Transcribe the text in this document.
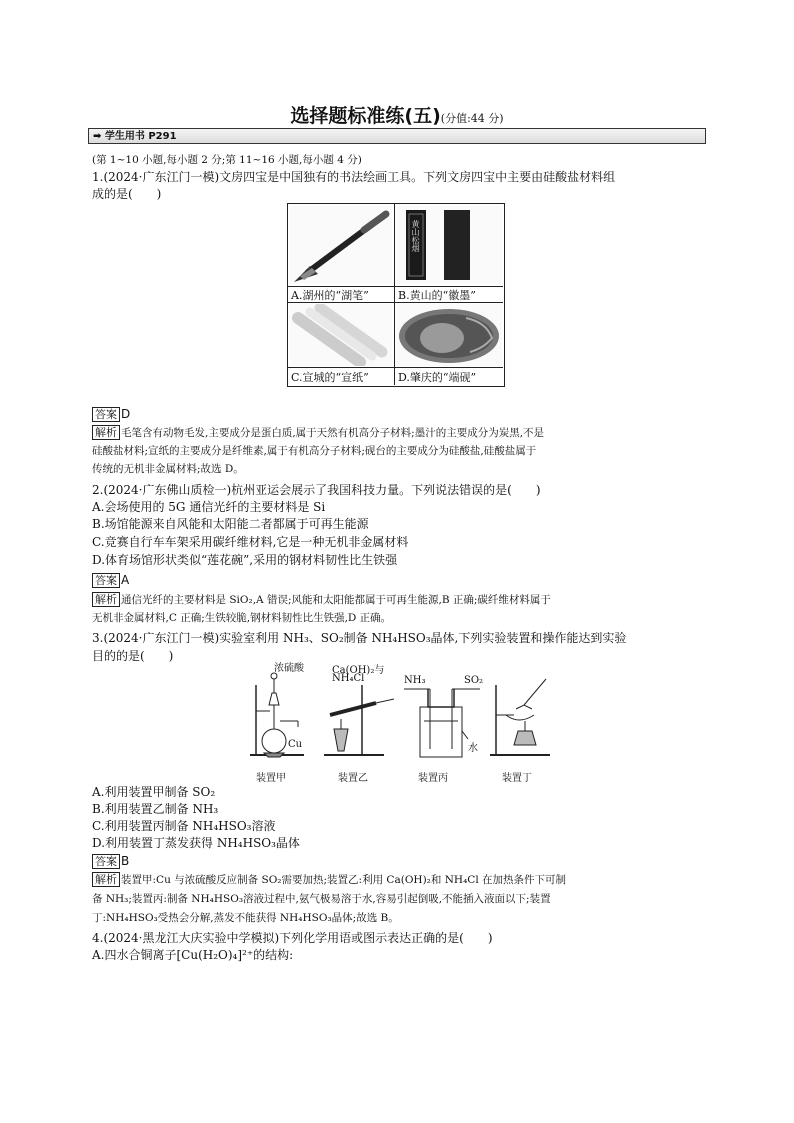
选择题标准练(五)(分值:44 分)
➡ 学生用书 P291
(第 1~10 小题,每小题 2 分;第 11~16 小题,每小题 4 分)
1.(2024·广东江门一模)文房四宝是中国独有的书法绘画工具。下列文房四宝中主要由硅酸盐材料组
成的是(　　)
黄山松烟
A.湖州的“湖笔”	B.黄山的“徽墨”
C.宣城的“宣纸”	D.肇庆的“端砚”
答案 D
解析 毛笔含有动物毛发,主要成分是蛋白质,属于天然有机高分子材料;墨汁的主要成分为炭黑,不是
硅酸盐材料;宣纸的主要成分是纤维素,属于有机高分子材料;砚台的主要成分为硅酸盐,硅酸盐属于
传统的无机非金属材料;故选 D。
2.(2024·广东佛山质检一)杭州亚运会展示了我国科技力量。下列说法错误的是(　　)
A.会场使用的 5G 通信光纤的主要材料是 Si
B.场馆能源来自风能和太阳能二者都属于可再生能源
C.竞赛自行车车架采用碳纤维材料,它是一种无机非金属材料
D.体育场馆形状类似“莲花碗”,采用的钢材料韧性比生铁强
答案 A
解析 通信光纤的主要材料是 SiO₂,A 错误;风能和太阳能都属于可再生能源,B 正确;碳纤维材料属于
无机非金属材料,C 正确;生铁较脆,钢材料韧性比生铁强,D 正确。
3.(2024·广东江门一模)实验室利用 NH₃、SO₂制备 NH₄HSO₃晶体,下列实验装置和操作能达到实验
目的的是(　　)
浓硫酸
Cu
Ca(OH)₂与
NH₄Cl	NH₃	SO₂
水
装置甲	装置乙	装置丙	装置丁
A.利用装置甲制备 SO₂
B.利用装置乙制备 NH₃
C.利用装置丙制备 NH₄HSO₃溶液
D.利用装置丁蒸发获得 NH₄HSO₃晶体
答案 B
解析 装置甲:Cu 与浓硫酸反应制备 SO₂需要加热;装置乙:利用 Ca(OH)₂和 NH₄Cl 在加热条件下可制
备 NH₃;装置丙:制备 NH₄HSO₃溶液过程中,氨气极易溶于水,容易引起倒吸,不能插入液面以下;装置
丁:NH₄HSO₃受热会分解,蒸发不能获得 NH₄HSO₃晶体;故选 B。
4.(2024·黑龙江大庆实验中学模拟)下列化学用语或图示表达正确的是(　　)
A.四水合铜离子[Cu(H₂O)₄]²⁺的结构:
